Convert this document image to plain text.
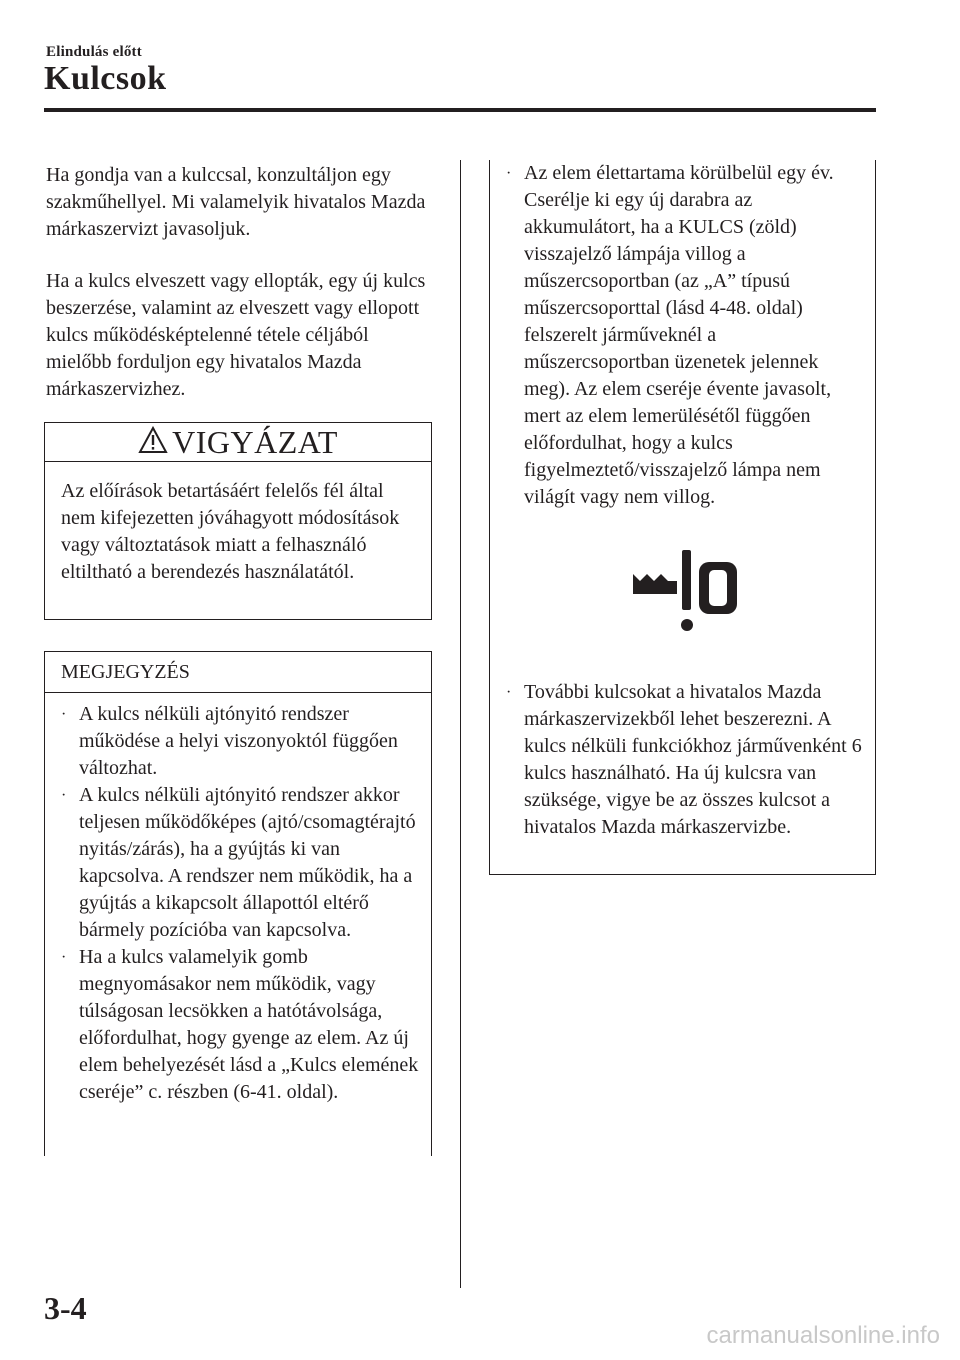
Elindulás előtt
Kulcsok

Ha gondja van a kulccsal, konzultáljon egy szakműhellyel. Mi valamelyik hivatalos Mazda márkaszervizt javasoljuk.

Ha a kulcs elveszett vagy ellopták, egy új kulcs beszerzése, valamint az elveszett vagy ellopott kulcs működésképtelenné tétele céljából mielőbb forduljon egy hivatalos Mazda márkaszervizhez.

VIGYÁZAT

Az előírások betartásáért felelős fél által nem kifejezetten jóváhagyott módosítások vagy változtatások miatt a felhasználó eltiltható a berendezés használatától.

MEGJEGYZÉS
· A kulcs nélküli ajtónyitó rendszer működése a helyi viszonyoktól függően változhat.
· A kulcs nélküli ajtónyitó rendszer akkor teljesen működőképes (ajtó/csomagtérajtó nyitás/zárás), ha a gyújtás ki van kapcsolva. A rendszer nem működik, ha a gyújtás a kikapcsolt állapottól eltérő bármely pozícióba van kapcsolva.
· Ha a kulcs valamelyik gomb megnyomásakor nem működik, vagy túlságosan lecsökken a hatótávolsága, előfordulhat, hogy gyenge az elem. Az új elem behelyezését lásd a „Kulcs elemének cseréje” c. részben (6-41. oldal).
· Az elem élettartama körülbelül egy év. Cserélje ki egy új darabra az akkumulátort, ha a KULCS (zöld) visszajelző lámpája villog a műszercsoportban (az „A” típusú műszercsoporttal (lásd 4-48. oldal) felszerelt járműveknél a műszercsoportban üzenetek jelennek meg). Az elem cseréje évente javasolt, mert az elem lemerülésétől függően előfordulhat, hogy a kulcs figyelmeztető/visszajelző lámpa nem világít vagy nem villog.
· További kulcsokat a hivatalos Mazda márkaszervizekből lehet beszerezni. A kulcs nélküli funkciókhoz járművenként 6 kulcs használható. Ha új kulcsra van szüksége, vigye be az összes kulcsot a hivatalos Mazda márkaszervizbe.
3-4
carmanualsonline.info
